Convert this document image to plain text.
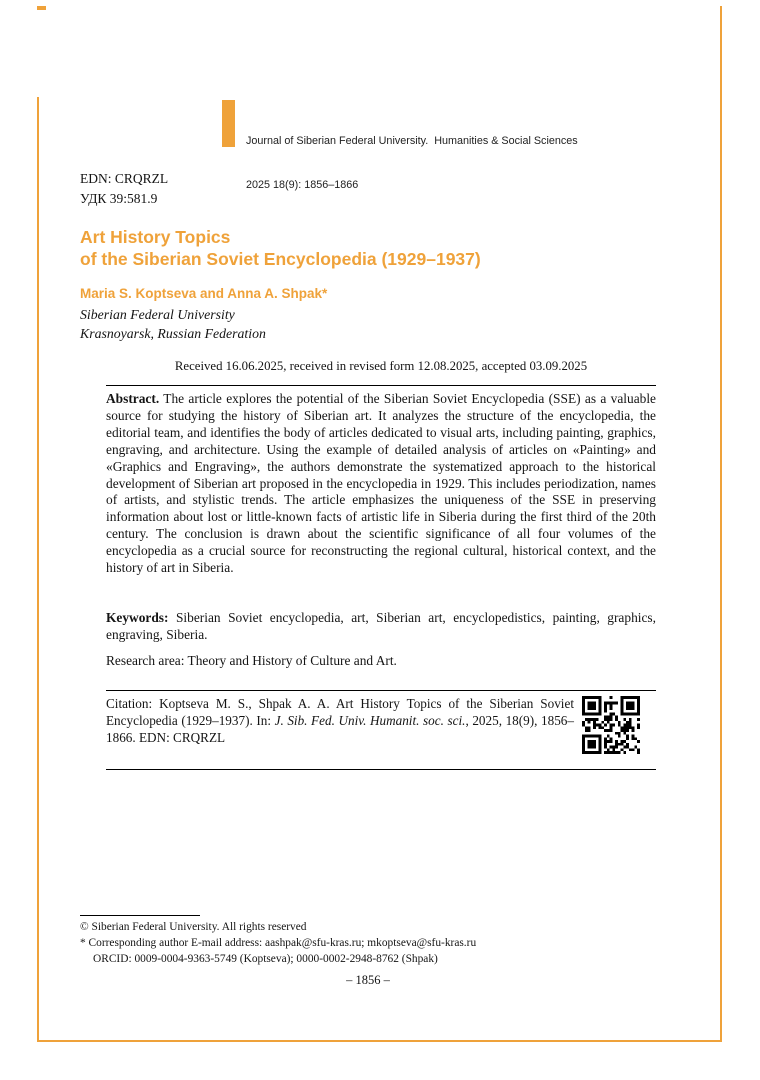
Journal of Siberian Federal University.  Humanities & Social Sciences

2025 18(9): 1856–1866

EDN: CRQRZL
УДК 39:581.9
Art History Topics
of the Siberian Soviet Encyclopedia (1929–1937)
Maria S. Koptseva and Anna A. Shpak*
Siberian Federal University
Krasnoyarsk, Russian Federation
Received 16.06.2025, received in revised form 12.08.2025, accepted 03.09.2025

Abstract. The article explores the potential of the Siberian Soviet Encyclopedia (SSE) as a valuable source for studying the history of Siberian art. It analyzes the structure of the encyclopedia, the editorial team, and identifies the body of articles dedicated to visual arts, including painting, graphics, engraving, and architecture. Using the example of detailed analysis of articles on «Painting» and «Graphics and Engraving», the authors demonstrate the systematized approach to the historical development of Siberian art proposed in the encyclopedia in 1929. This includes periodization, names of artists, and stylistic trends. The article emphasizes the uniqueness of the SSE in preserving information about lost or little-known facts of artistic life in Siberia during the first third of the 20th century. The conclusion is drawn about the scientific significance of all four volumes of the encyclopedia as a crucial source for reconstructing the regional cultural, historical context, and the history of art in Siberia.

Keywords: Siberian Soviet encyclopedia, art, Siberian art, encyclopedistics, painting, graphics, engraving, Siberia.

Research area: Theory and History of Culture and Art.

Citation: Koptseva M. S., Shpak A. A. Art History Topics of the Siberian Soviet Encyclopedia (1929–1937). In: J. Sib. Fed. Univ. Humanit. soc. sci., 2025, 18(9), 1856–1866. EDN: CRQRZL

© Siberian Federal University. All rights reserved
* Corresponding author E-mail address: aashpak@sfu-kras.ru; mkoptseva@sfu-kras.ru
ORCID: 0009-0004-9363-5749 (Koptseva); 0000-0002-2948-8762 (Shpak)
– 1856 –
